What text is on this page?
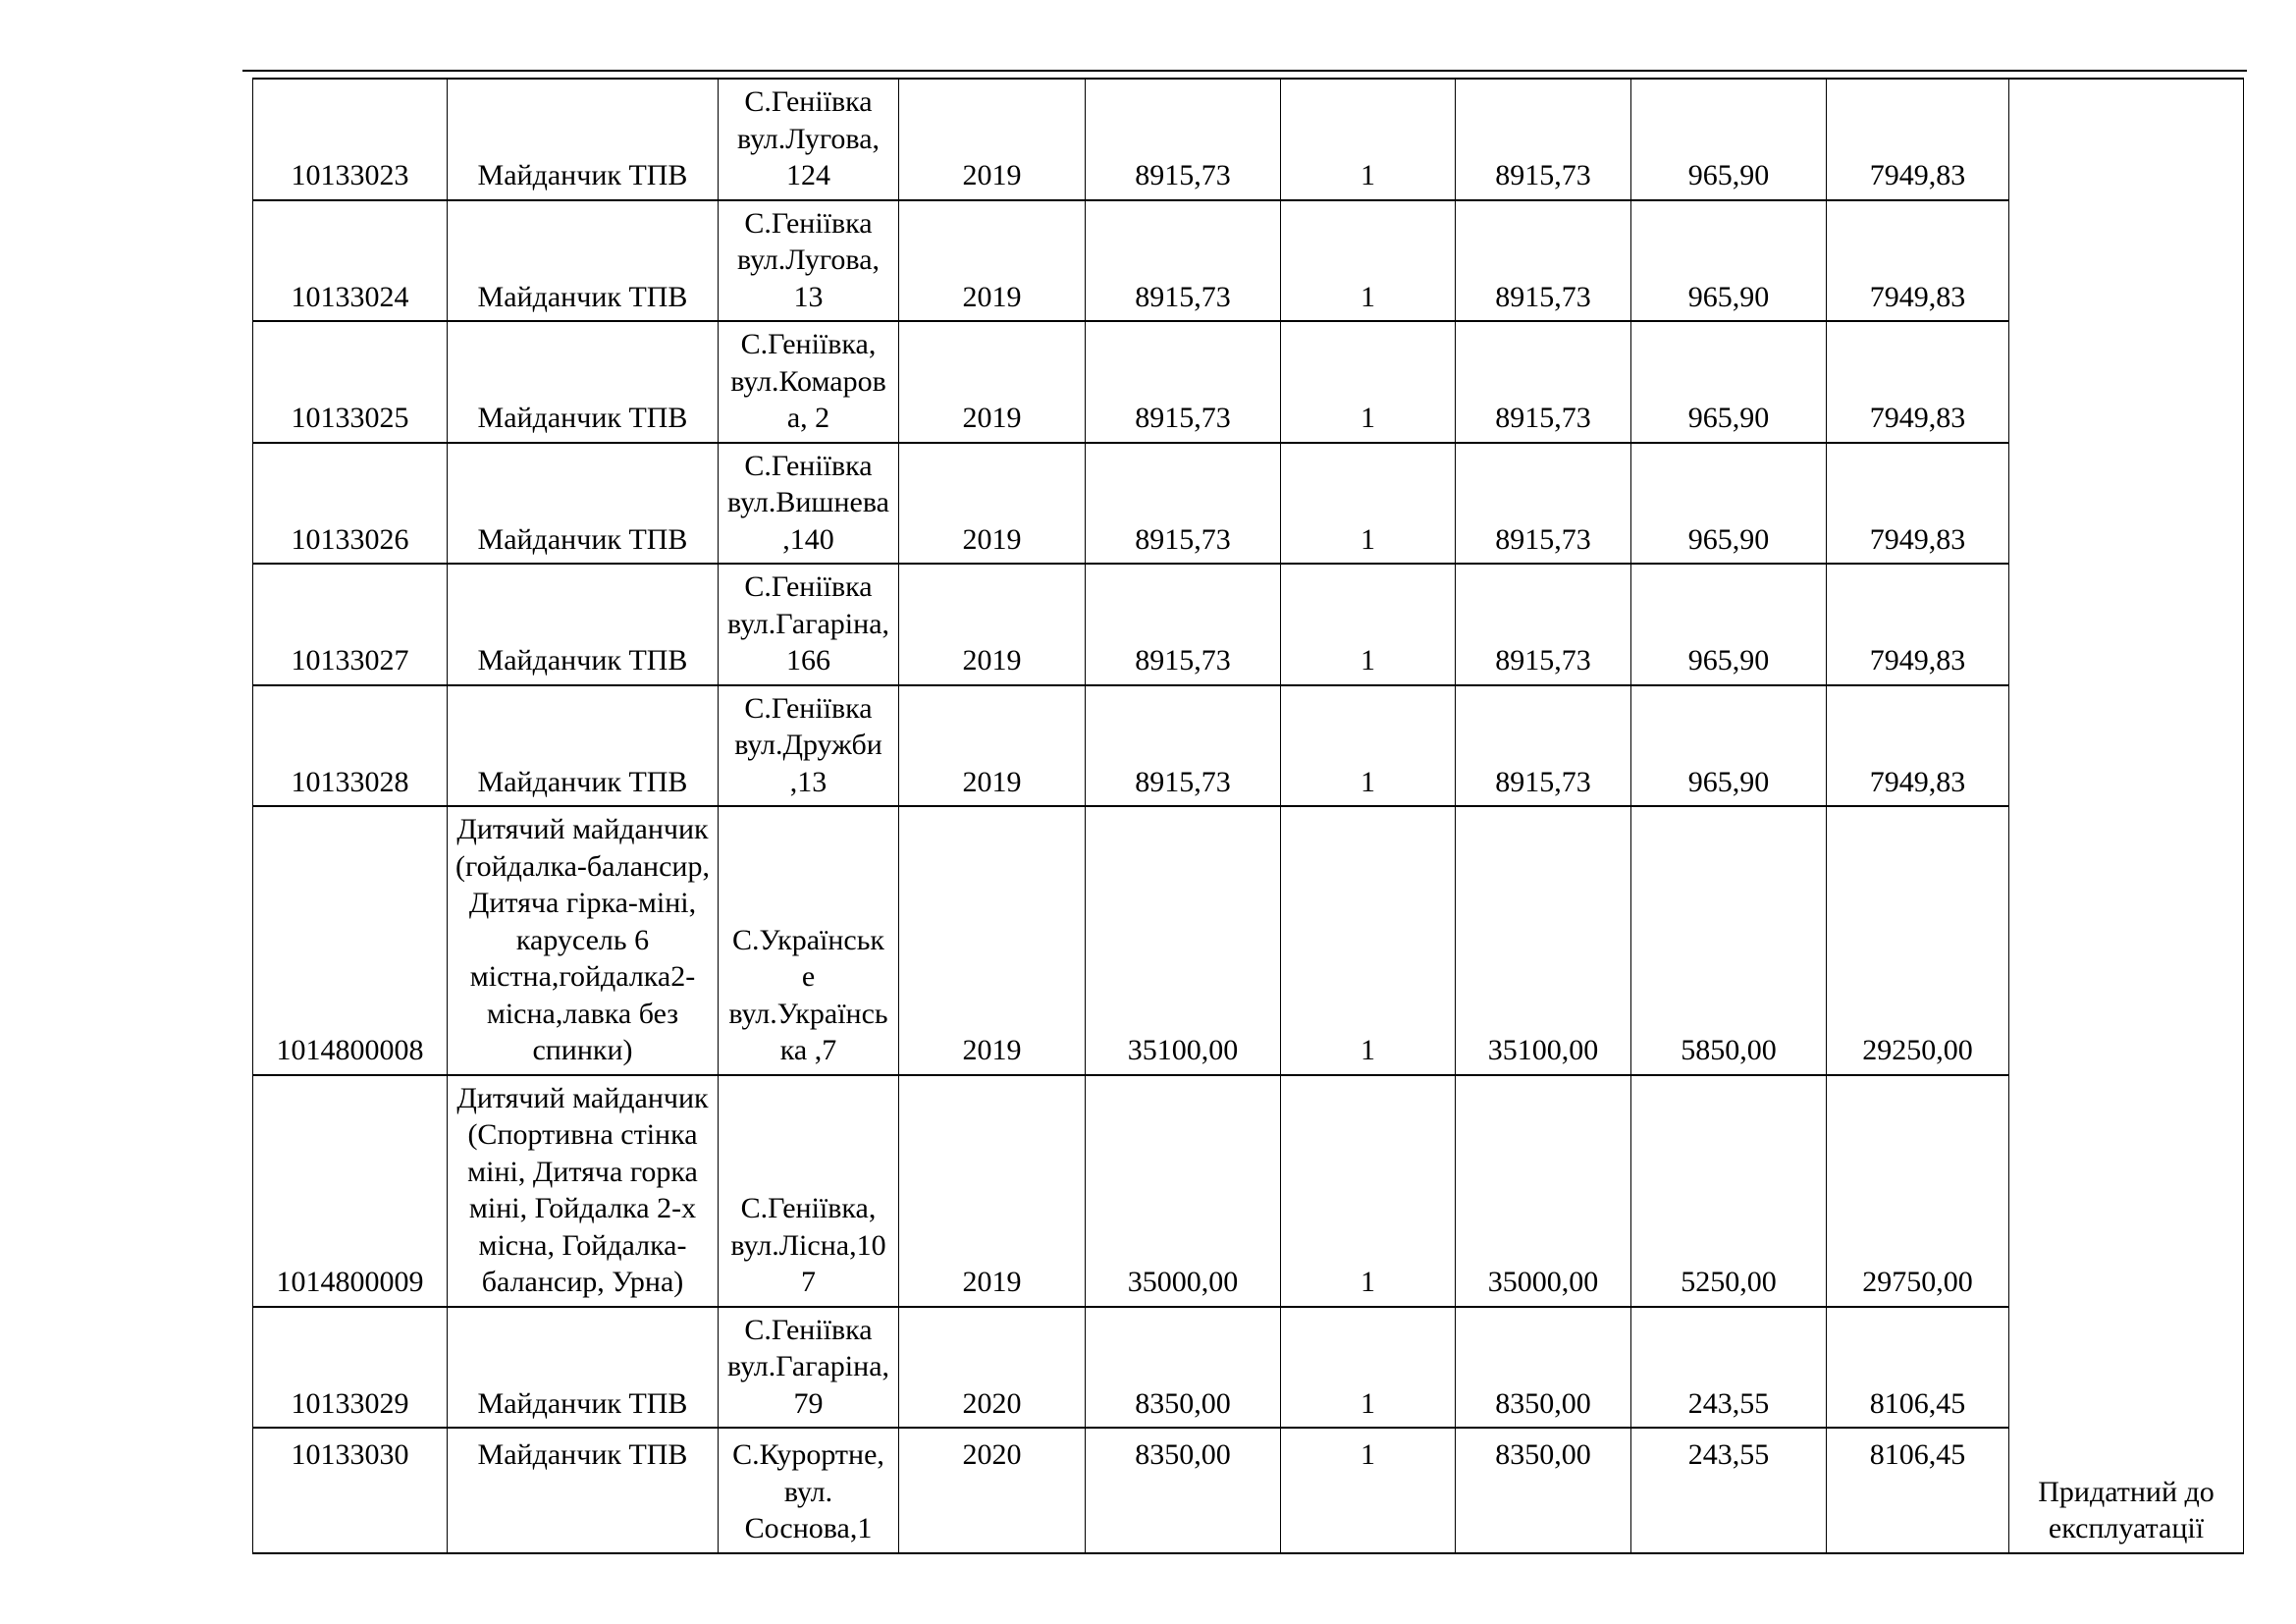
10133023	Майданчик ТПВ	С.Геніївка вул.Лугова, 124	2019	8915,73	1	8915,73	965,90	7949,83	Придатний до експлуатації

10133024	Майданчик ТПВ	С.Геніївка вул.Лугова, 13	2019	8915,73	1	8915,73	965,90	7949,83	
10133025	Майданчик ТПВ	С.Геніївка, вул.Комарова, 2	2019	8915,73	1	8915,73	965,90	7949,83	
10133026	Майданчик ТПВ	С.Геніївка вул.Вишнева,140	2019	8915,73	1	8915,73	965,90	7949,83	
10133027	Майданчик ТПВ	С.Геніївка вул.Гагаріна,166	2019	8915,73	1	8915,73	965,90	7949,83	
10133028	Майданчик ТПВ	С.Геніївка вул.Дружби ,13	2019	8915,73	1	8915,73	965,90	7949,83	
1014800008	Дитячий майданчик (гойдалка-балансир, Дитяча гірка-міні, карусель 6 містна,гойдалка2-місна,лавка без спинки)	С.Українське вул.Українська ,7	2019	35100,00	1	35100,00	5850,00	29250,00	
1014800009	Дитячий майданчик (Спортивна стінка міні, Дитяча горка міні, Гойдалка 2-х місна, Гойдалка-балансир, Урна)	С.Геніївка, вул.Лісна,107	2019	35000,00	1	35000,00	5250,00	29750,00	
10133029	Майданчик ТПВ	С.Геніївка вул.Гагаріна,79	2020	8350,00	1	8350,00	243,55	8106,45	
10133030	Майданчик ТПВ	С.Курортне, вул. Соснова,1	2020	8350,00	1	8350,00	243,55	8106,45	
